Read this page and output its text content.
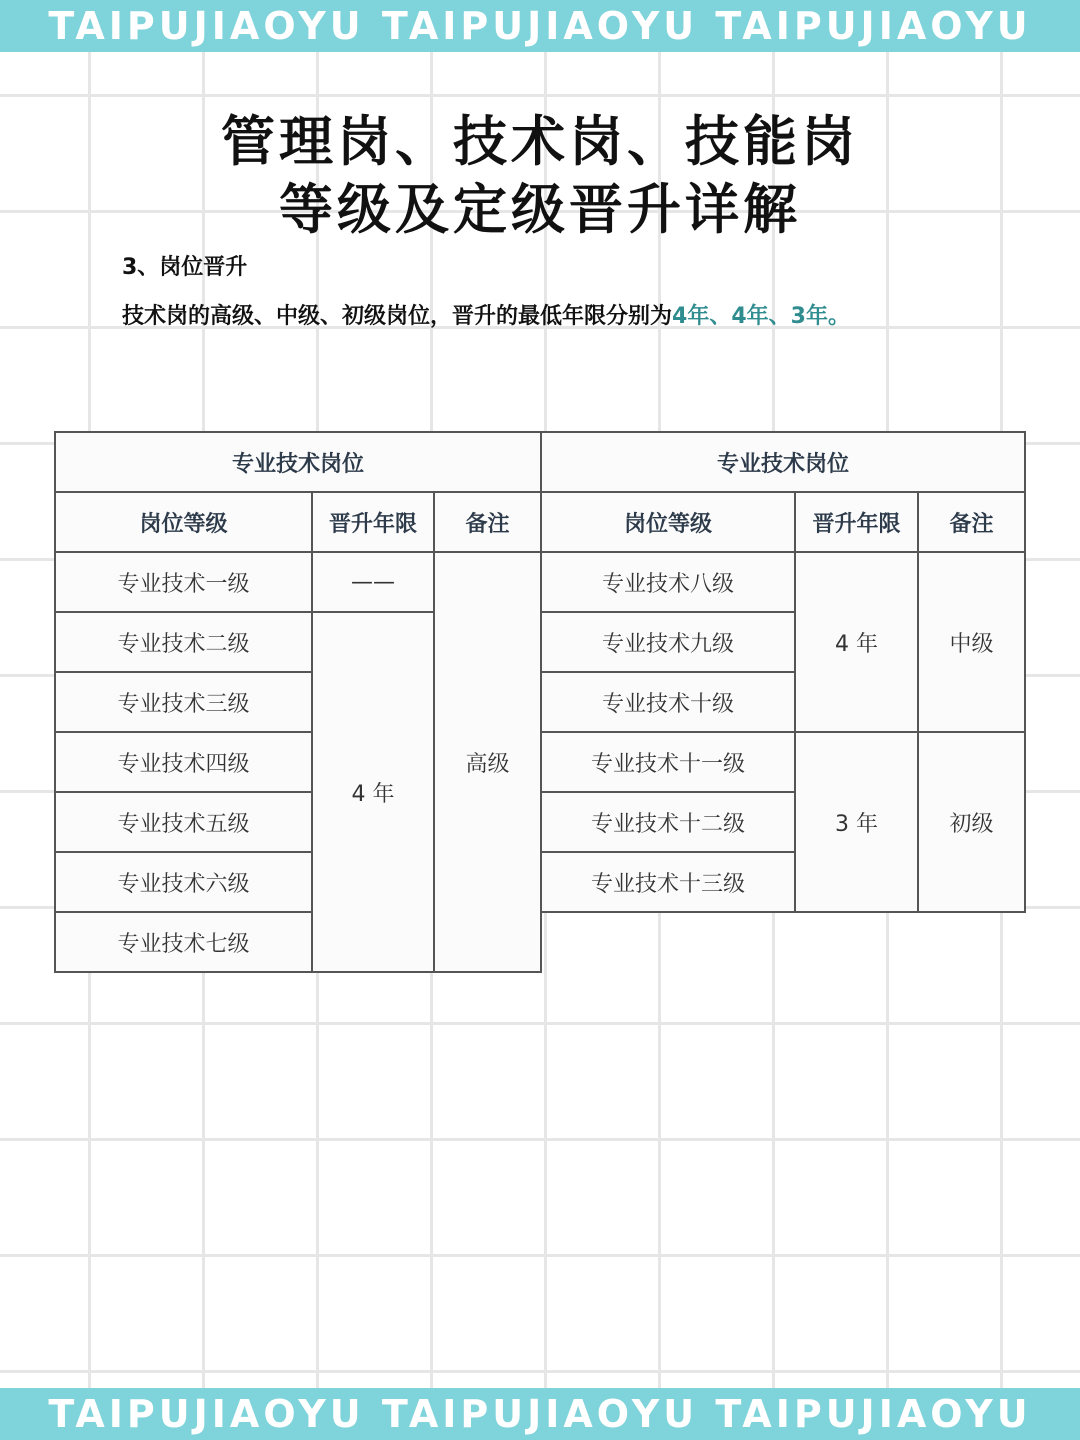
TAIPUJIAOYU TAIPUJIAOYU TAIPUJIAOYU
管理岗、技术岗、技能岗
等级及定级晋升详解
3、岗位晋升
技术岗的高级、中级、初级岗位，晋升的最低年限分别为4年、4年、3年。
专业技术岗位		
岗位等级	晋升年限	备注
专业技术一级	——	高级
专业技术二级	4 年	
专业技术三级		
专业技术四级		
专业技术五级		
专业技术六级		
专业技术七级		
专业技术岗位		
岗位等级	晋升年限	备注
专业技术八级	4 年	中级
专业技术九级		
专业技术十级		
专业技术十一级	3 年	初级
专业技术十二级		
专业技术十三级		
TAIPUJIAOYU TAIPUJIAOYU TAIPUJIAOYU
